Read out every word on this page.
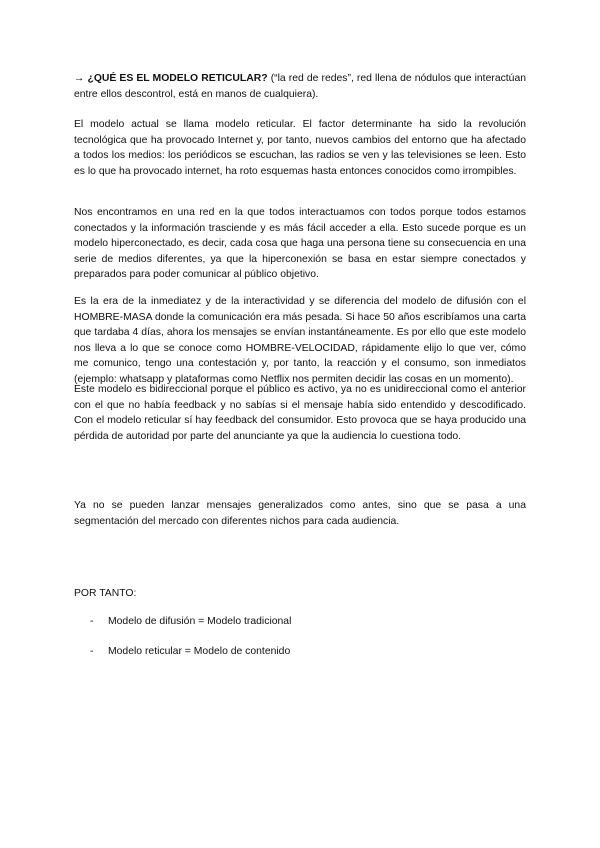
→ ¿QUÉ ES EL MODELO RETICULAR? (“la red de redes”, red llena de nódulos que interactúan entre ellos descontrol, está en manos de cualquiera).

El modelo actual se llama modelo reticular. El factor determinante ha sido la revolución tecnológica que ha provocado Internet y, por tanto, nuevos cambios del entorno que ha afectado a todos los medios: los periódicos se escuchan, las radios se ven y las televisiones se leen. Esto es lo que ha provocado internet, ha roto esquemas hasta entonces conocidos como irrompibles.

Nos encontramos en una red en la que todos interactuamos con todos porque todos estamos conectados y la información trasciende y es más fácil acceder a ella. Esto sucede porque es un modelo hiperconectado, es decir, cada cosa que haga una persona tiene su consecuencia en una serie de medios diferentes, ya que la hiperconexión se basa en estar siempre conectados y preparados para poder comunicar al público objetivo.

Es la era de la inmediatez y de la interactividad y se diferencia del modelo de difusión con el HOMBRE-MASA donde la comunicación era más pesada. Si hace 50 años escribíamos una carta que tardaba 4 días, ahora los mensajes se envían instantáneamente. Es por ello que este modelo nos lleva a lo que se conoce como HOMBRE-VELOCIDAD, rápidamente elijo lo que ver, cómo me comunico, tengo una contestación y, por tanto, la reacción y el consumo, son inmediatos (ejemplo: whatsapp y plataformas como Netflix nos permiten decidir las cosas en un momento).

Este modelo es bidireccional porque el público es activo, ya no es unidireccional como el anterior con el que no había feedback y no sabías si el mensaje había sido entendido y descodificado. Con el modelo reticular sí hay feedback del consumidor. Esto provoca que se haya producido una pérdida de autoridad por parte del anunciante ya que la audiencia lo cuestiona todo.

Ya no se pueden lanzar mensajes generalizados como antes, sino que se pasa a una segmentación del mercado con diferentes nichos para cada audiencia.

POR TANTO:

- Modelo de difusión = Modelo tradicional
- Modelo reticular = Modelo de contenido
